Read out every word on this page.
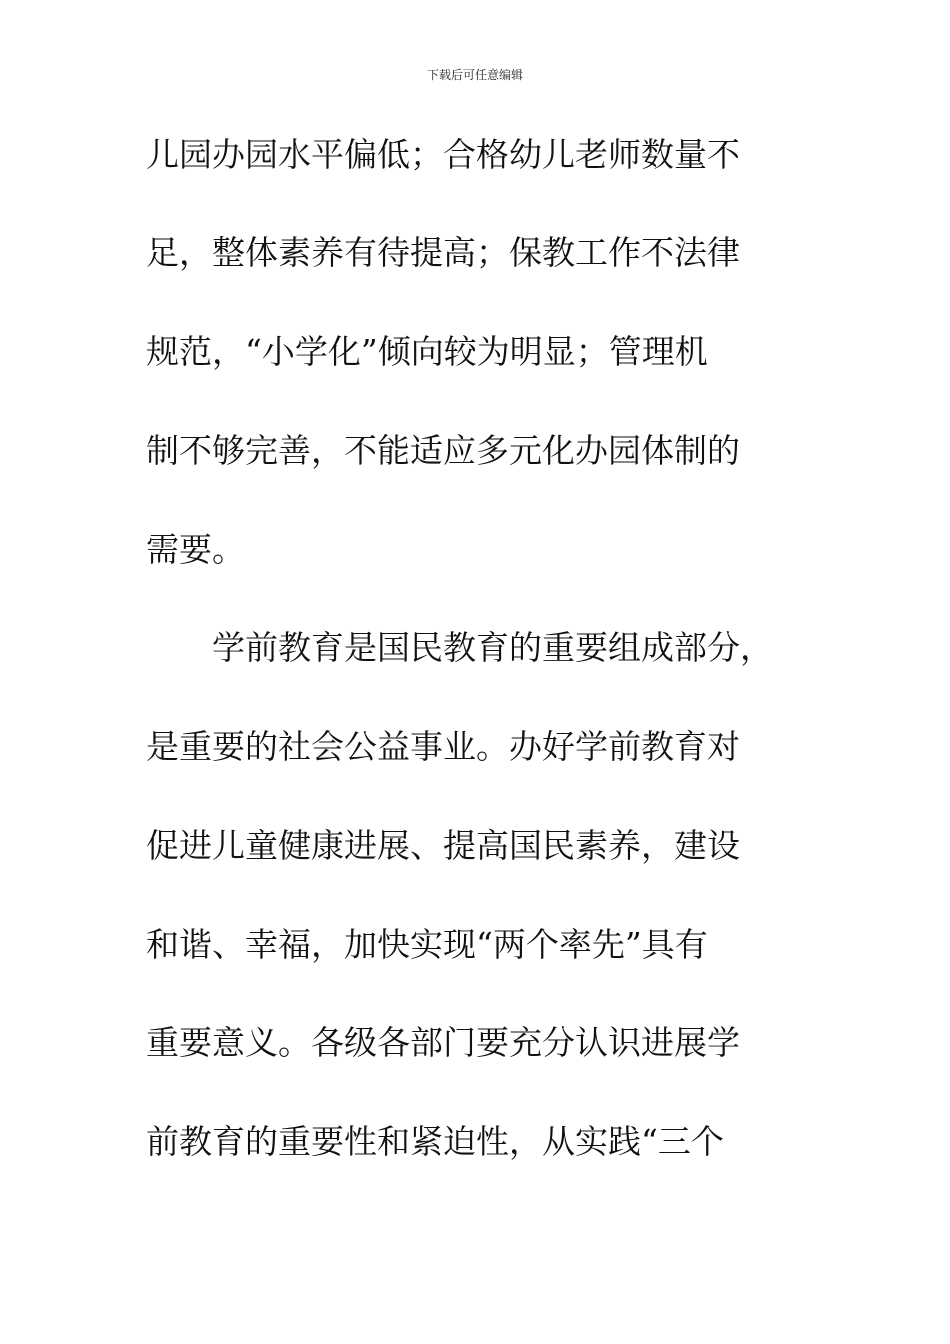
下载后可任意编辑
儿园办园水平偏低；合格幼儿老师数量不
足，整体素养有待提高；保教工作不法律
规范，“小学化”倾向较为明显；管理机
制不够完善，不能适应多元化办园体制的
需要。
　　学前教育是国民教育的重要组成部分，
是重要的社会公益事业。办好学前教育对
促进儿童健康进展、提高国民素养，建设
和谐、幸福，加快实现“两个率先”具有
重要意义。各级各部门要充分认识进展学
前教育的重要性和紧迫性，从实践“三个
